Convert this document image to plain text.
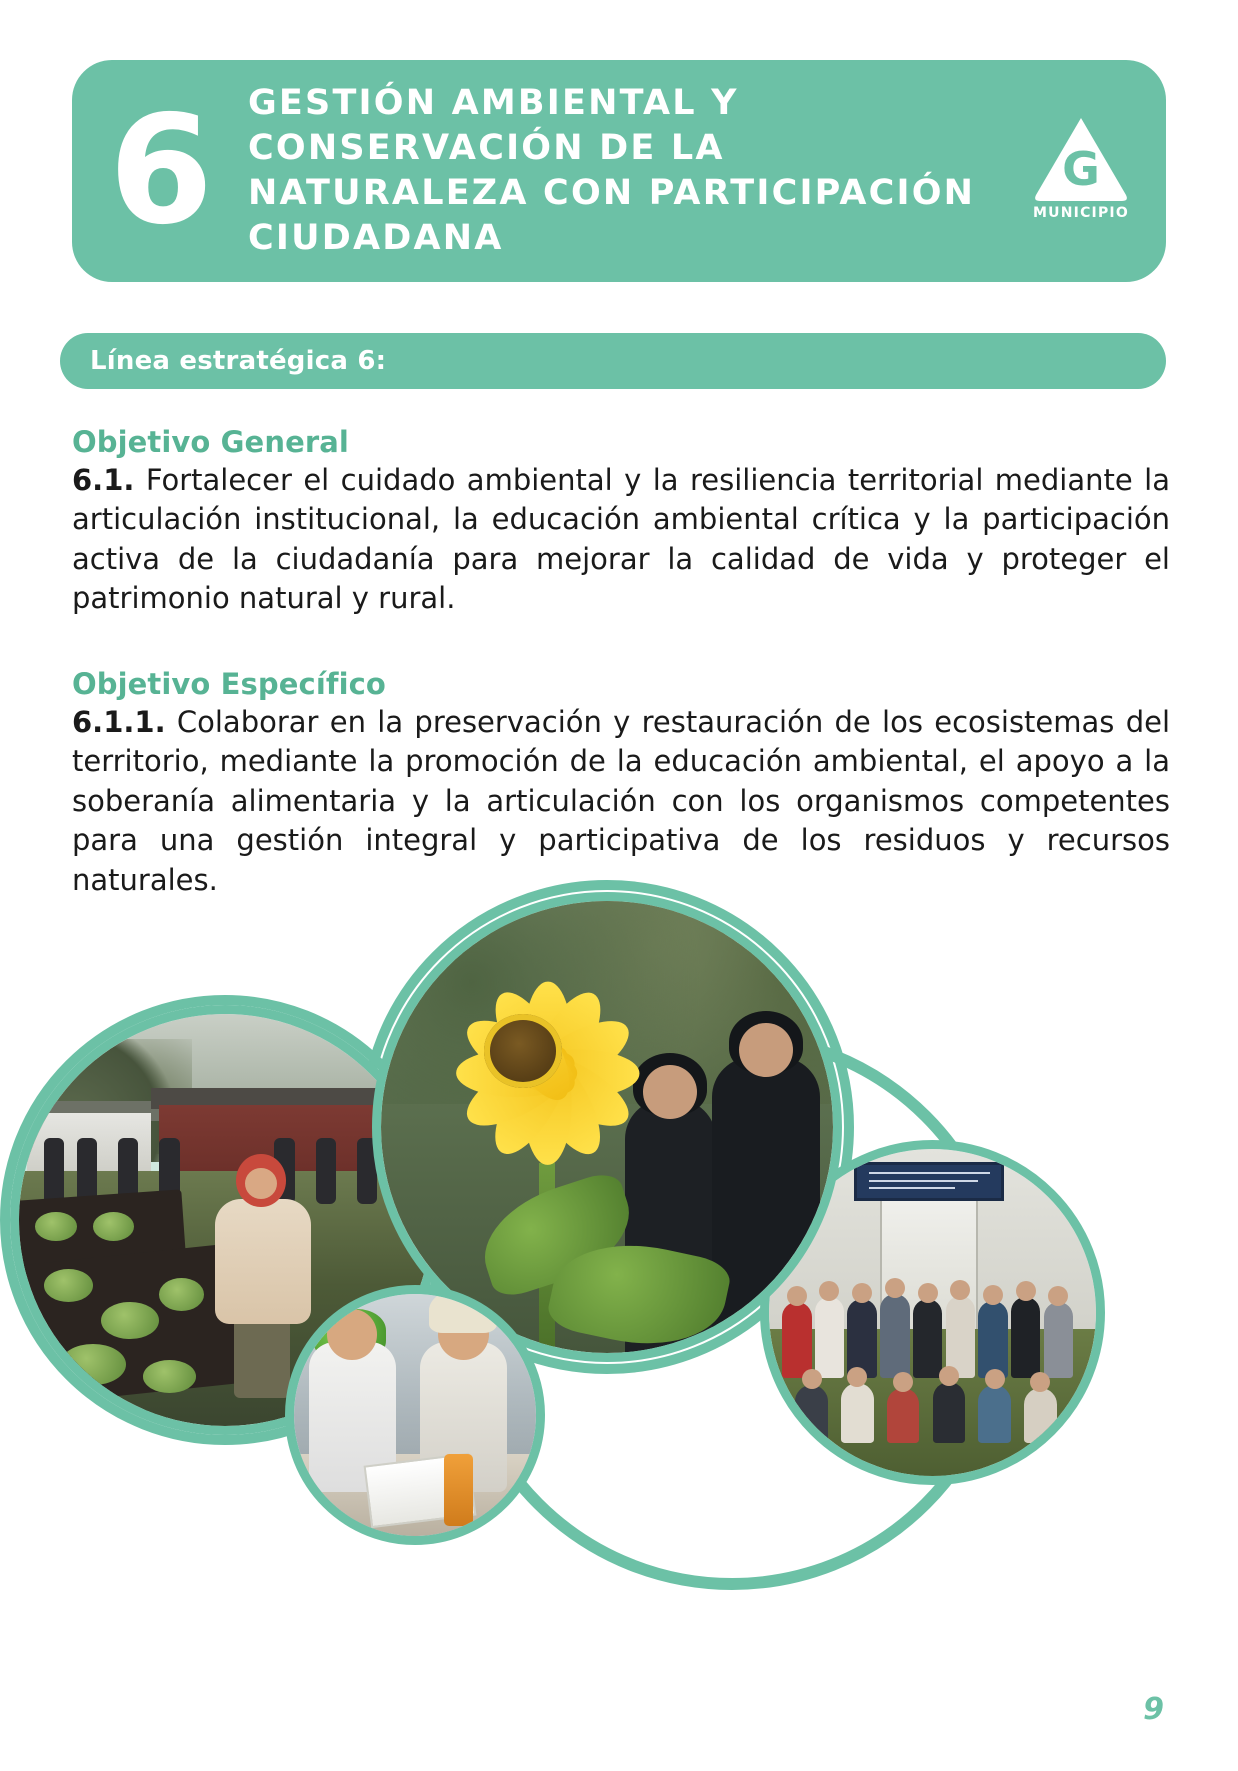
6 GESTIÓN AMBIENTAL Y CONSERVACIÓN DE LA NATURALEZA CON PARTICIPACIÓN CIUDADANA
G
MUNICIPIO
Línea estratégica 6:
Objetivo General

6.1. Fortalecer el cuidado ambiental y la resiliencia territorial mediante la articulación institucional, la educación ambiental crítica y la participación activa de la ciudadanía para mejorar la calidad de vida y proteger el patrimonio natural y rural.

Objetivo Específico

6.1.1. Colaborar en la preservación y restauración de los ecosistemas del territorio, mediante la promoción de la educación ambiental, el apoyo a la soberanía alimentaria y la articulación con los organismos competentes para una gestión integral y participativa de los residuos y recursos naturales.

9
